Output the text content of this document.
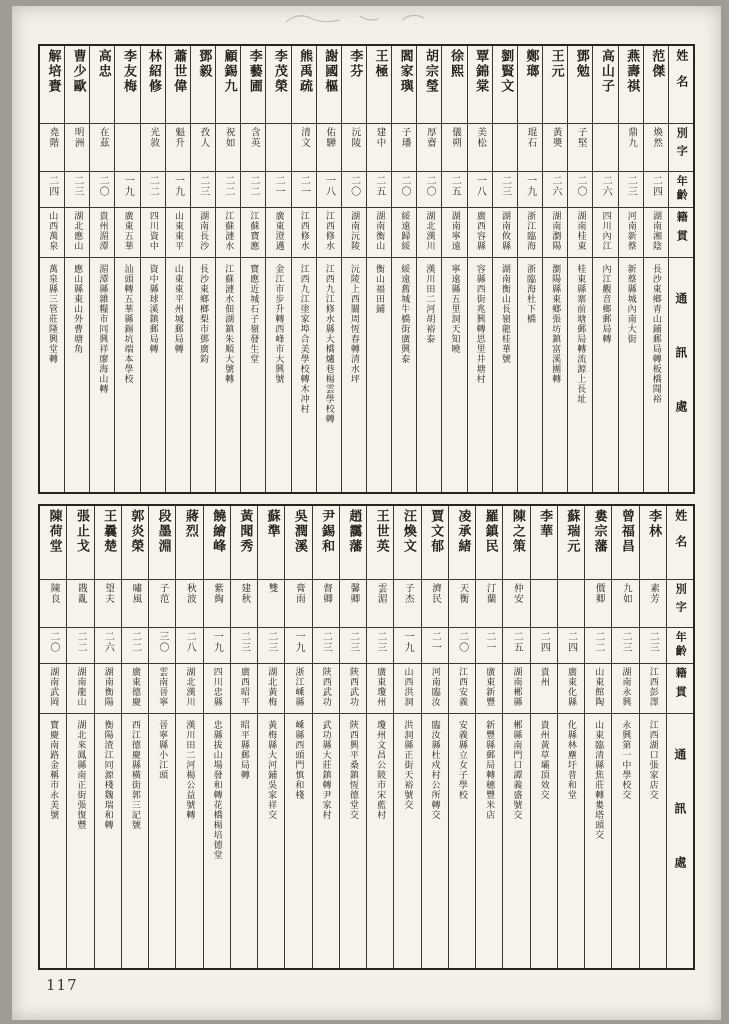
姓名
別字
年齡
籍貫
通訊處
范傑
煥然
二四
湖南湘陰
長沙東鄉青山鋪郵局轉板橋聞裕
燕壽祺
鼎九
二三
河南新蔡
新蔡縣城內南大街
高山子
二六
四川內江
內江觀音鄉郵局轉
鄧勉
子堅
二〇
湖南桂東
桂東縣寨前塘郵局轉流源上長址
王元
黃奬
二六
湖南瀏陽
瀏陽縣東鄉張坊鎮富溪團轉
鄭瑯
琨石
一九
浙江臨海
浙臨海杜下橋
劉賢文
二三
湖南攸縣
湖南衡山長嶺龍桂華號
覃錦棠
美松
一八
廣西容縣
容縣西街兆興轉思里井塘村
徐熙
儀朔
二五
湖南寧遠
寧遠縣五里洞天知曉
胡宗瑩
厚齋
二〇
湖北漢川
漢川田二河胡裕泰
閻家璵
子璠
二〇
綏遠歸綏
綏遠舊城牛橋街廣興泰
王極
建中
二五
湖南衡山
衡山福田鋪
李芬
沅陵
二〇
湖南沅陵
沅陵上西關周恆春轉清水坪
謝國樞
佑驊
一八
江西修水
江西九江修水縣大橋爐巷楊雲學校轉
熊禹疏
清文
二一
江西修水
江西九江塗家埠合美學校轉木冲村
李茂榮
二一
廣東澄邁
金江市步升轉西峰市大興號
李藝圃
含英
二二
江蘇寶應
寶應近城石子嶺發生堂
顧錫九
祝如
二二
江蘇漣水
江蘇漣水佃湖鎮朱順大號轉
鄧毅
孜人
二三
湖南長沙
長沙東鄉榔梨市鄧廣鈞
蕭世偉
魁升
一九
山東東平
山東東平州城郵局轉
林紹修
光敘
二二
四川資中
資中縣球溪鎮郵局轉
李友梅
一九
廣東五華
汕頭轉五華縣錫坑端本學校
高忠
在茲
二〇
貴州湄潭
湄潭縣雜糧市同興祥廖海山轉
曹少歐
明洲
二三
湖北應山
應山縣東山外曹塘角
解培賚
堯階
二四
山西萬泉
萬泉縣三管莊隆興堂轉
姓名
別字
年齡
籍貫
通訊處
李林
素芳
二三
江西彭澤
江西湖口張家店交
曾福昌
九如
二三
湖南永興
永興第一中學校交
婁宗藩
價卿
二二
山東館陶
山東臨清縣焦莊轉婁塔頭交
蘇瑞元
二四
廣東化縣
化縣林塵圩普和堂
李華
二四
貴州
貴州黃草壩頂效交
陳之策
仲安
二五
湖南郴縣
郴縣南門口譚義盛號交
羅鎮民
汀蘭
二一
廣東新豐
新豐縣郵局轉穗豐米店
凌承緒
天衡
二〇
江西安義
安義縣立女子學校
賈文郁
濟民
二一
河南臨汝
臨汝縣杜戍村公所轉交
汪煥文
子杰
一九
山西洪洞
洪洞縣正街天裕號交
王世英
雲湄
二三
廣東瓊州
瓊州文昌公陂市宋藍村
趙靄藩
馨卿
二三
陝西武功
陝西興平桑鎮恆德堂交
尹錫和
督卿
二三
陝西武功
武功縣大莊鎮轉尹家村
吳潤溪
膏雨
一九
浙江嵊縣
嵊縣西頭門慎和棧
蘇準
雙
二三
湖北黃梅
黃梅縣大河鋪吳家祥交
黃聞秀
建秋
二三
廣西昭平
昭平縣郵局轉
饒繪峰
紫綯
一九
四川忠縣
忠縣拔山場發和轉花橋楊培德堂
蔣烈
秋波
二八
湖北漢川
漢川田二河楊公益號轉
段墨淵
子范
三〇
雲南晉寧
晉寧縣小江頭
郭炎榮
嘯風
二二
廣東德慶
西江德慶縣橫街郭三記號
王曩楚
望夫
二六
湖南衡陽
衡陽渣江同源棧魏瑞和轉
張止戈
戡亂
二二
湖南龍山
湖北來鳳縣南正街張復豐
陳荷堂
陳良
二〇
湖南武岡
寶慶南路金稱市永美號
117
